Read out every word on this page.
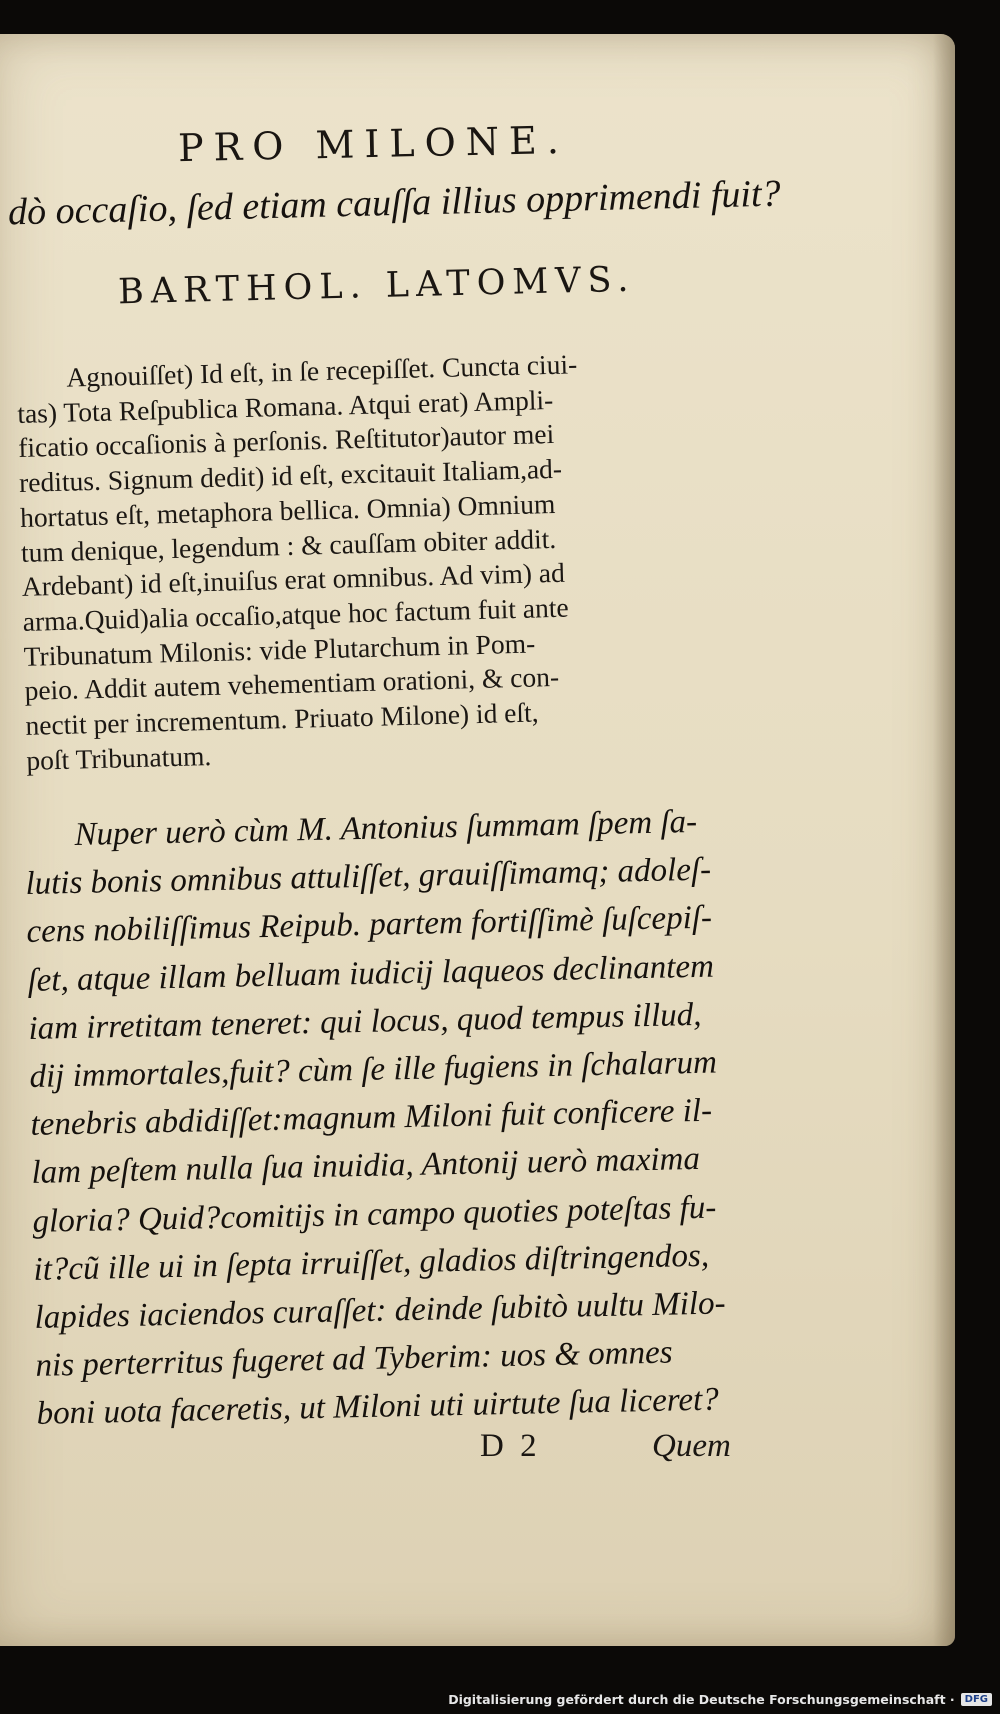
PRO MILONE.
dò occaſio, ſed etiam cauſſa illius opprimendi fuit?
BARTHOL. LATOMVS.
Agnouiſſet) Id eſt, in ſe recepiſſet. Cuncta ciui-
tas) Tota Reſpublica Romana. Atqui erat) Ampli-
ficatio occaſionis à perſonis. Reſtitutor)autor mei
reditus. Signum dedit) id eſt, excitauit Italiam,ad-
hortatus eſt, metaphora bellica. Omnia) Omnium
tum denique, legendum : & cauſſam obiter addit.
Ardebant) id eſt,inuiſus erat omnibus. Ad vim) ad
arma.Quid)alia occaſio,atque hoc factum fuit ante
Tribunatum Milonis: vide Plutarchum in Pom-
peio. Addit autem vehementiam orationi, & con-
nectit per incrementum. Priuato Milone) id eſt,
poſt Tribunatum.
Nuper uerò cùm M. Antonius ſummam ſpem ſa-
lutis bonis omnibus attuliſſet, grauiſſimamq; adoleſ-
cens nobiliſſimus Reipub. partem fortiſſimè ſuſcepiſ-
ſet, atque illam belluam iudicij laqueos declinantem
iam irretitam teneret: qui locus, quod tempus illud,
dij immortales,fuit? cùm ſe ille fugiens in ſchalarum
tenebris abdidiſſet:magnum Miloni fuit conficere il-
lam peſtem nulla ſua inuidia, Antonij uerò maxima
gloria? Quid?comitijs in campo quoties poteſtas fu-
it?cũ ille ui in ſepta irruiſſet, gladios diſtringendos,
lapides iaciendos curaſſet: deinde ſubitò uultu Milo-
nis perterritus fugeret ad Tyberim: uos & omnes
boni uota faceretis, ut Miloni uti uirtute ſua liceret?
D 2	Quem
Digitalisierung gefördert durch die Deutsche Forschungsgemeinschaft ·	DFG
